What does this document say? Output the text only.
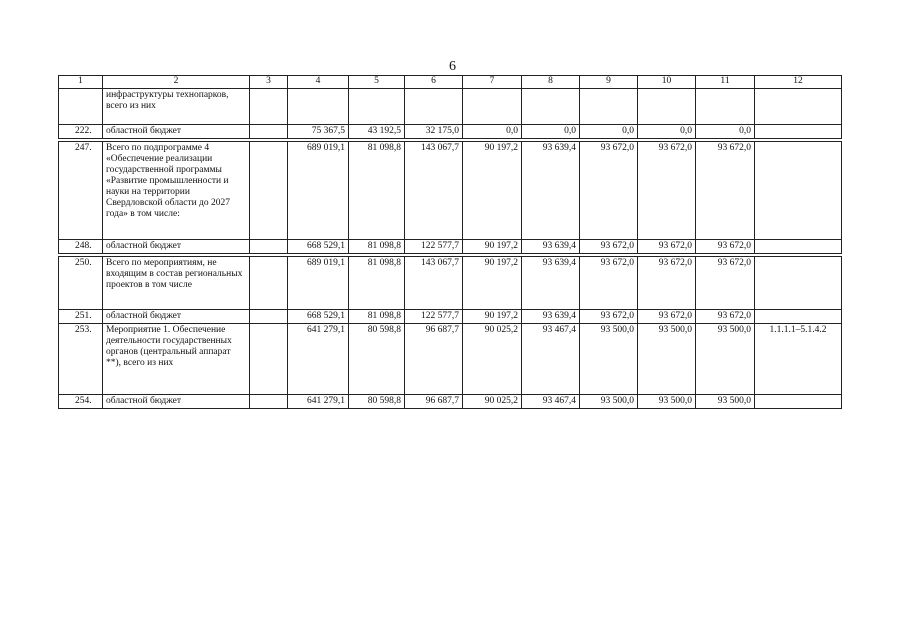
6
1	2	3	4	5	6	7	8	9	10	11	12
	инфраструктуры технопарков, всего из них										
222.	областной бюджет		75 367,5	43 192,5	32 175,0	0,0	0,0	0,0	0,0	0,0	

247.	Всего по подпрограмме 4 «Обеспечение реализации государственной программы «Развитие промышленности и науки на территории Свердловской области до 2027 года» в том числе:		689 019,1	81 098,8	143 067,7	90 197,2	93 639,4	93 672,0	93 672,0	93 672,0	
248.	областной бюджет		668 529,1	81 098,8	122 577,7	90 197,2	93 639,4	93 672,0	93 672,0	93 672,0	

250.	Всего по мероприятиям, не входящим в состав региональных проектов в том числе		689 019,1	81 098,8	143 067,7	90 197,2	93 639,4	93 672,0	93 672,0	93 672,0	
251.	областной бюджет		668 529,1	81 098,8	122 577,7	90 197,2	93 639,4	93 672,0	93 672,0	93 672,0	
253.	Мероприятие 1. Обеспечение деятельности государственных органов (центральный аппарат **), всего из них		641 279,1	80 598,8	96 687,7	90 025,2	93 467,4	93 500,0	93 500,0	93 500,0	1.1.1.1–5.1.4.2
254.	областной бюджет		641 279,1	80 598,8	96 687,7	90 025,2	93 467,4	93 500,0	93 500,0	93 500,0	
